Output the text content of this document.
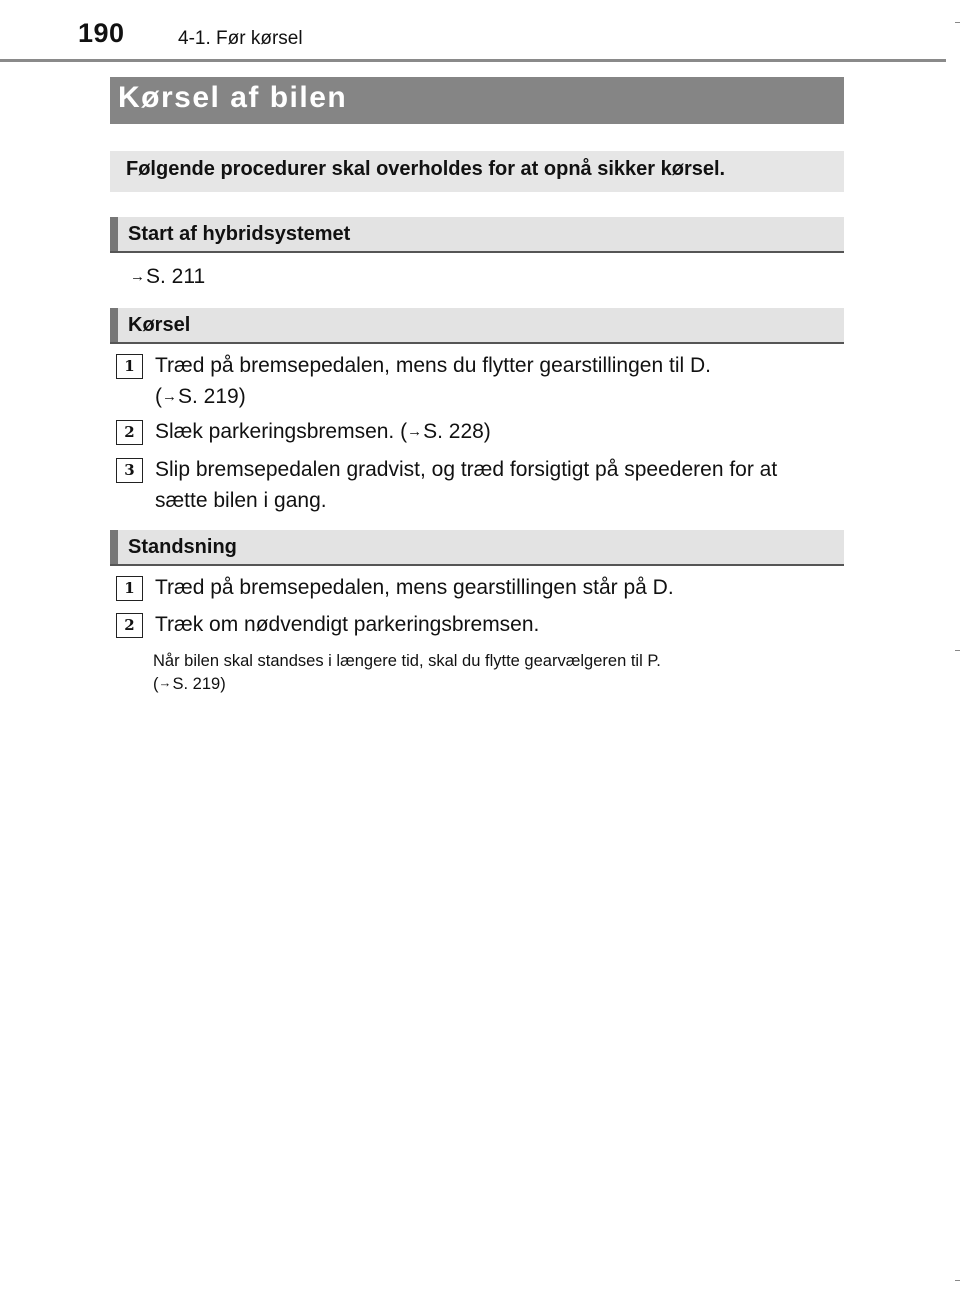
190	4-1. Før kørsel
Kørsel af bilen
Følgende procedurer skal overholdes for at opnå sikker kørsel.
Start af hybridsystemet
→S. 211
Kørsel
1 Træd på bremsepedalen, mens du flytter gearstillingen til D.
(→S. 219)
2 Slæk parkeringsbremsen. (→S. 228)
3 Slip bremsepedalen gradvist, og træd forsigtigt på speederen for at
sætte bilen i gang.
Standsning
1 Træd på bremsepedalen, mens gearstillingen står på D.
2 Træk om nødvendigt parkeringsbremsen.
Når bilen skal standses i længere tid, skal du flytte gearvælgeren til P.
(→S. 219)
